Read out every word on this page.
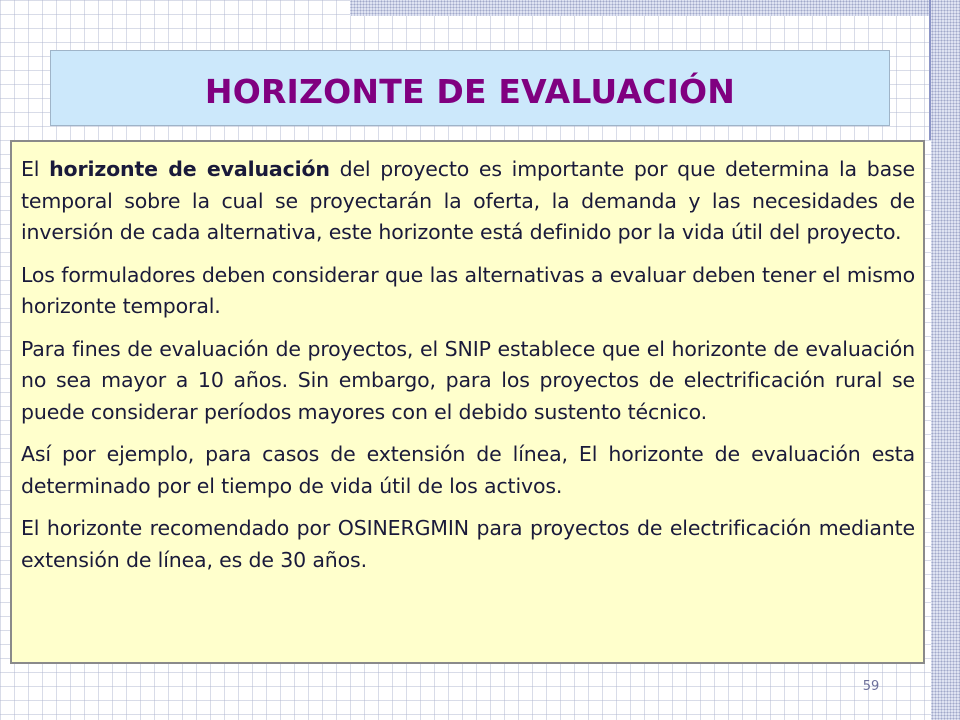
HORIZONTE DE EVALUACIÓN

El horizonte de evaluación del proyecto es importante por que determina la base temporal sobre la cual se proyectarán la oferta, la demanda y las necesidades de inversión de cada alternativa, este horizonte está definido por la vida útil del proyecto.

Los formuladores deben considerar que las alternativas a evaluar deben tener el mismo horizonte temporal.

Para fines de evaluación de proyectos, el SNIP establece que el horizonte de evaluación no sea mayor a 10 años. Sin embargo, para los proyectos de electrificación rural se puede considerar períodos mayores con el debido sustento técnico.

Así por ejemplo, para casos de extensión de línea, El horizonte de evaluación esta determinado por el tiempo de vida útil de los activos.

El horizonte recomendado por OSINERGMIN para proyectos de electrificación mediante extensión de línea, es de 30 años.

59
